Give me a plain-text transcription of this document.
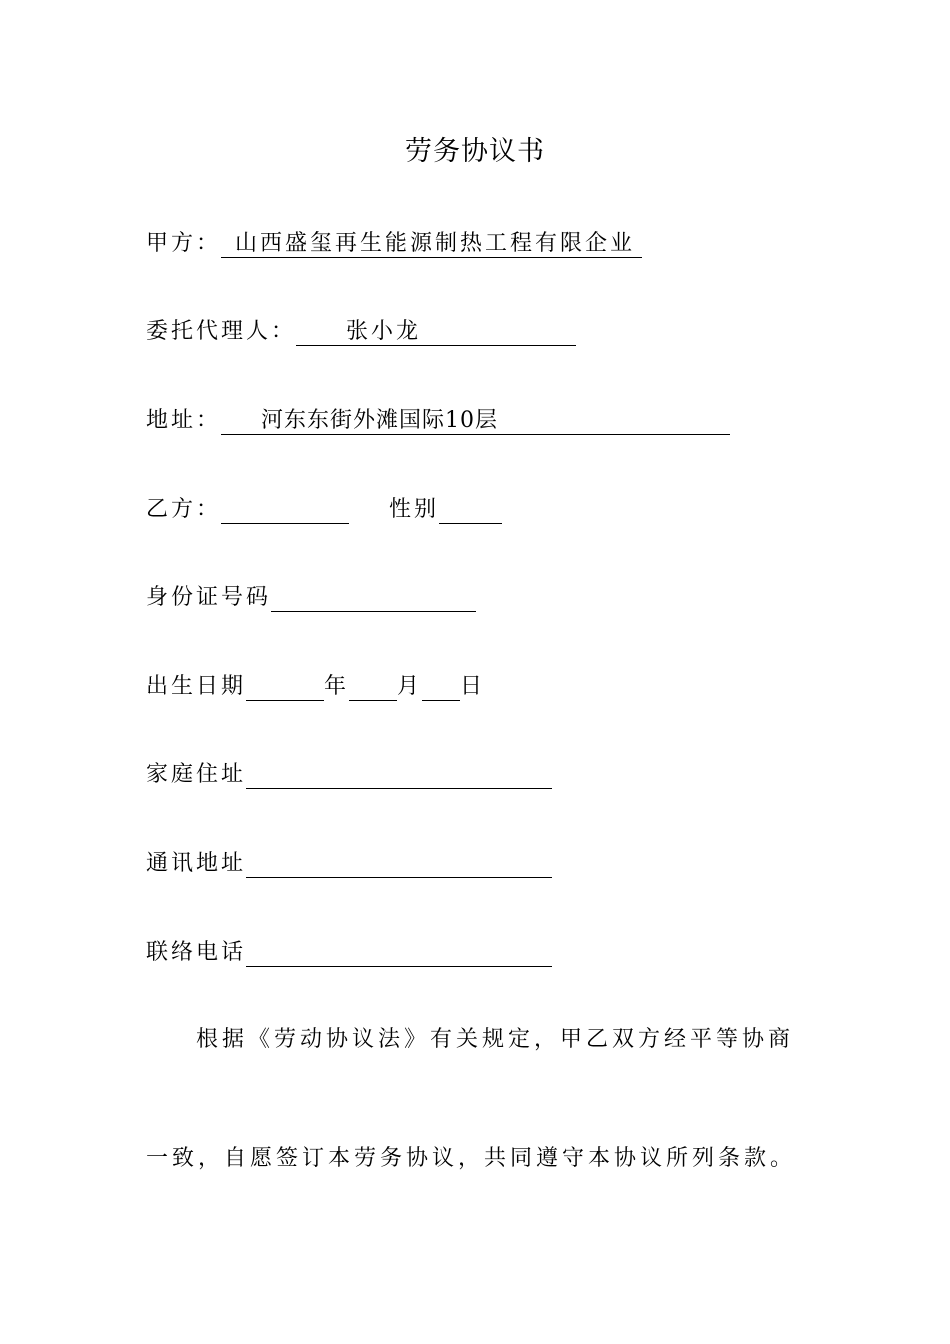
劳务协议书
甲方： 山西盛玺再生能源制热工程有限企业
委托代理人： 张小龙
地址： 河东东街外滩国际10层
乙方：	性别
身份证号码
出生日期	年 月 日
家庭住址
通讯地址
联络电话
根据《劳动协议法》有关规定，甲乙双方经平等协商
一致，自愿签订本劳务协议，共同遵守本协议所列条款。
